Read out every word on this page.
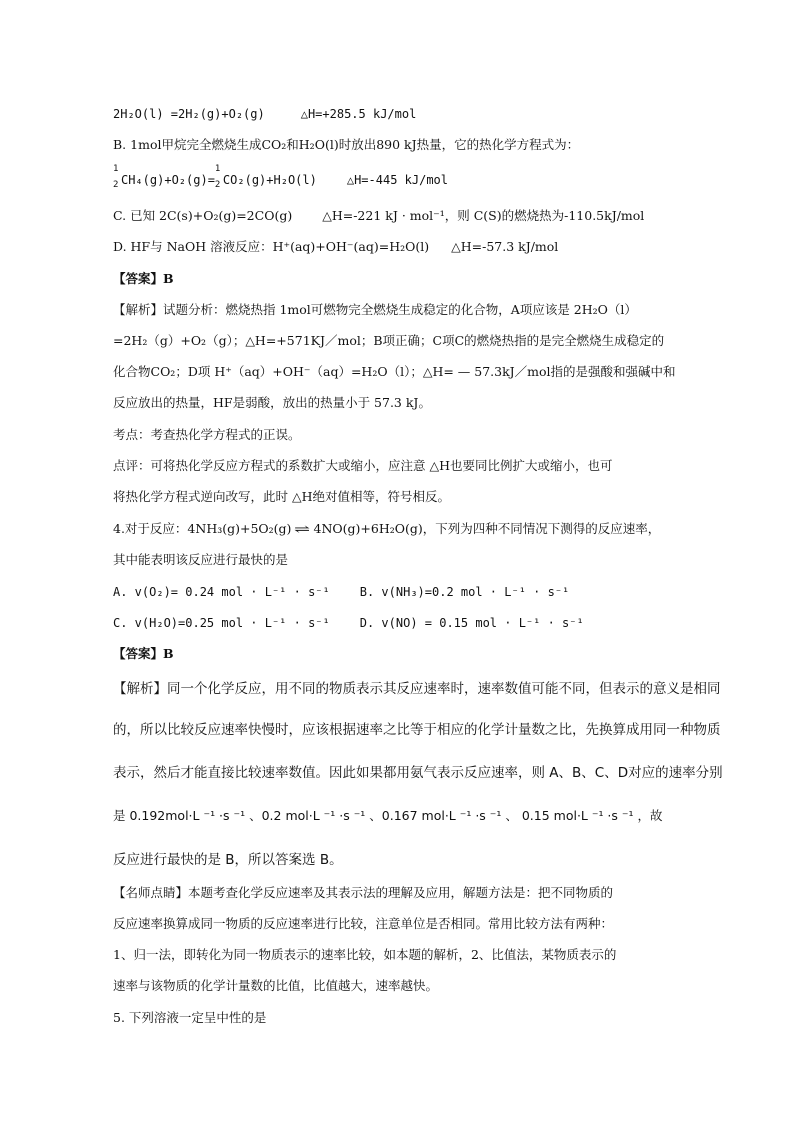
2H₂O(l) =2H₂(g)+O₂(g)	△H=+285.5 kJ/mol
B. 1mol甲烷完全燃烧生成CO₂和H₂O(l)时放出890 kJ热量，它的热化学方程式为：
1
2 CH₄(g)+O₂(g)=
1
2 CO₂(g)+H₂O(l)	△H=-445 kJ/mol
C. 已知 2C(s)+O₂(g)=2CO(g) △H=-221 kJ · mol⁻¹，则 C(S)的燃烧热为-110.5kJ/mol
D. HF与 NaOH 溶液反应：H⁺(aq)+OH⁻(aq)=H₂O(l) △H=-57.3 kJ/mol
【答案】B
【解析】试题分析：燃烧热指 1mol可燃物完全燃烧生成稳定的化合物，A项应该是 2H₂O（l）
=2H₂（g）+O₂（g）；△H=+571KJ／mol；B项正确；C项C的燃烧热指的是完全燃烧生成稳定的
化合物CO₂；D项 H⁺（aq）+OH⁻（aq）=H₂O（l）；△H= — 57.3kJ／mol指的是强酸和强碱中和
反应放出的热量，HF是弱酸，放出的热量小于 57.3 kJ。
考点：考查热化学方程式的正误。
点评：可将热化学反应方程式的系数扩大或缩小，应注意 △H也要同比例扩大或缩小，也可
将热化学方程式逆向改写，此时 △H绝对值相等，符号相反。
4.对于反应：4NH₃(g)+5O₂(g) ⇌ 4NO(g)+6H₂O(g)，下列为四种不同情况下测得的反应速率，
其中能表明该反应进行最快的是
A. v(O₂)= 0.24 mol · L⁻¹ · s⁻¹	B. v(NH₃)=0.2 mol · L⁻¹ · s⁻¹
C. v(H₂O)=0.25 mol · L⁻¹ · s⁻¹	D. v(NO) = 0.15 mol · L⁻¹ · s⁻¹
【答案】B
【解析】同一个化学反应，用不同的物质表示其反应速率时，速率数值可能不同，但表示的意义是相同
的，所以比较反应速率快慢时，应该根据速率之比等于相应的化学计量数之比，先换算成用同一种物质
表示，然后才能直接比较速率数值。因此如果都用氨气表示反应速率，则 A、B、C、D对应的速率分别
是 0.192mol·L ⁻¹ ·s ⁻¹ 、0.2 mol·L ⁻¹ ·s ⁻¹ 、0.167 mol·L ⁻¹ ·s ⁻¹ 、 0.15 mol·L ⁻¹ ·s ⁻¹ ，故
反应进行最快的是 B，所以答案选 B。
【名师点睛】本题考查化学反应速率及其表示法的理解及应用，解题方法是：把不同物质的
反应速率换算成同一物质的反应速率进行比较，注意单位是否相同。常用比较方法有两种：
1、归一法，即转化为同一物质表示的速率比较，如本题的解析，2、比值法，某物质表示的
速率与该物质的化学计量数的比值，比值越大，速率越快。
5. 下列溶液一定呈中性的是
